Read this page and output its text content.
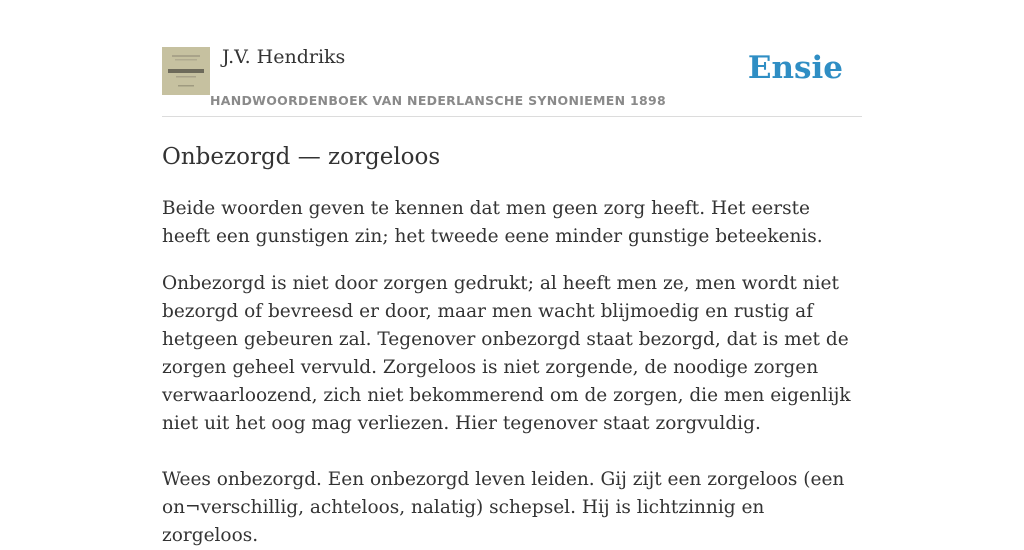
J.V. Hendriks
HANDWOORDENBOEK VAN NEDERLANSCHE SYNONIEMEN 1898
Ensie
Onbezorgd — zorgeloos

Beide woorden geven te kennen dat men geen zorg heeft. Het eerste heeft een gunstigen zin; het tweede eene minder gunstige beteekenis.

Onbezorgd is niet door zorgen gedrukt; al heeft men ze, men wordt niet bezorgd of bevreesd er door, maar men wacht blijmoedig en rustig af hetgeen gebeuren zal. Tegenover onbezorgd staat bezorgd, dat is met de zorgen geheel vervuld. Zorgeloos is niet zorgende, de noodige zorgen verwaarloozend, zich niet bekommerend om de zorgen, die men eigenlijk niet uit het oog mag verliezen. Hier tegenover staat zorgvuldig.

Wees onbezorgd. Een onbezorgd leven leiden. Gij zijt een zorgeloos (een on¬verschillig, achteloos, nalatig) schepsel. Hij is lichtzinnig en zorgeloos.
